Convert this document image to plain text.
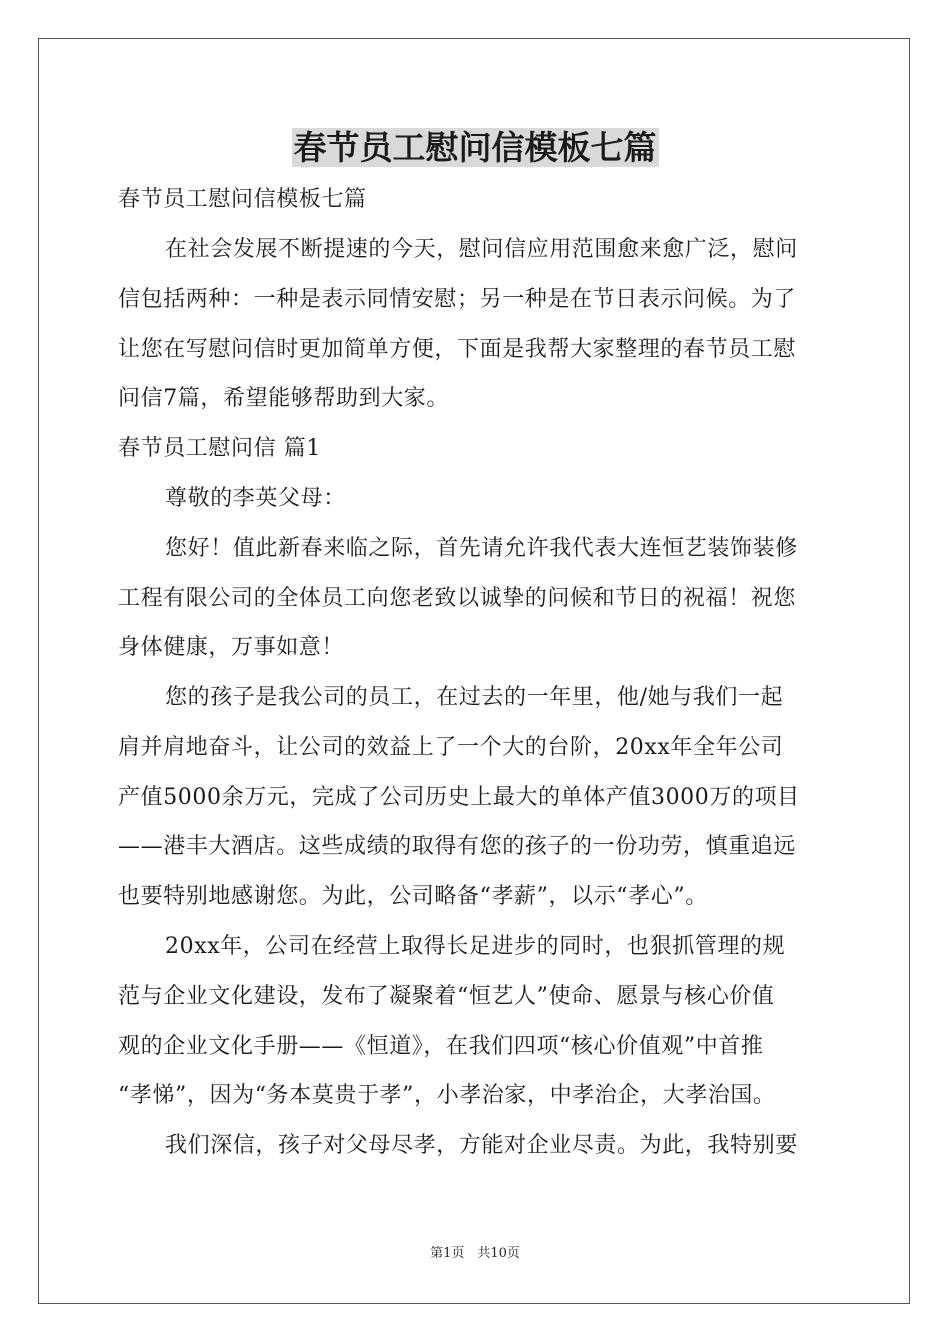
春节员工慰问信模板七篇
春节员工慰问信模板七篇
在社会发展不断提速的今天，慰问信应用范围愈来愈广泛，慰问
信包括两种：一种是表示同情安慰；另一种是在节日表示问候。为了
让您在写慰问信时更加简单方便，下面是我帮大家整理的春节员工慰
问信7篇，希望能够帮助到大家。
春节员工慰问信 篇1
尊敬的李英父母：
您好！值此新春来临之际，首先请允许我代表大连恒艺装饰装修
工程有限公司的全体员工向您老致以诚挚的问候和节日的祝福！祝您
身体健康，万事如意！
您的孩子是我公司的员工，在过去的一年里，他/她与我们一起
肩并肩地奋斗，让公司的效益上了一个大的台阶，20xx年全年公司
产值5000余万元，完成了公司历史上最大的单体产值3000万的项目
——港丰大酒店。这些成绩的取得有您的孩子的一份功劳，慎重追远
也要特别地感谢您。为此，公司略备“孝薪”，以示“孝心”。
20xx年，公司在经营上取得长足进步的同时，也狠抓管理的规
范与企业文化建设，发布了凝聚着“恒艺人”使命、愿景与核心价值
观的企业文化手册——《恒道》，在我们四项“核心价值观”中首推
“孝悌”，因为“务本莫贵于孝”，小孝治家，中孝治企，大孝治国。
我们深信，孩子对父母尽孝，方能对企业尽责。为此，我特别要
第1页　共10页
